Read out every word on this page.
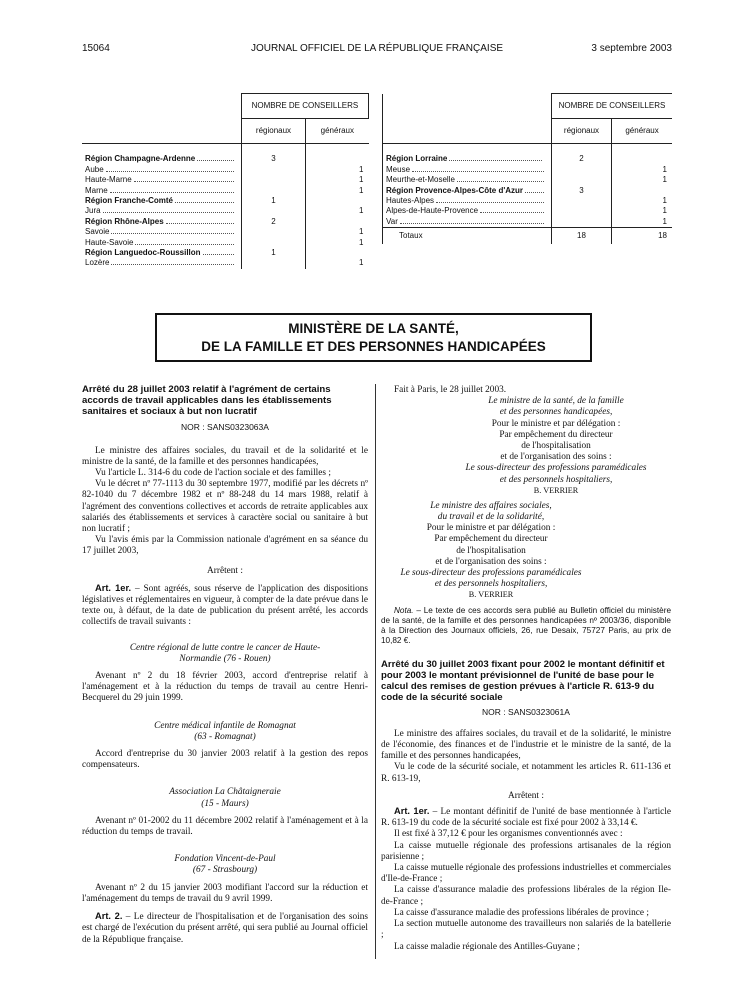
15064	JOURNAL OFFICIEL DE LA RÉPUBLIQUE FRANÇAISE	3 septembre 2003
	NOMBRE DE CONSEILLERS	
	régionaux	généraux

Région Champagne-Ardenne	3	
Aube		1
Haute-Marne		1
Marne		1
Région Franche-Comté	1	
Jura		1
Région Rhône-Alpes	2	
Savoie		1
Haute-Savoie		1
Région Languedoc-Roussillon	1	
Lozère		1
	NOMBRE DE CONSEILLERS	
	régionaux	généraux

Région Lorraine	2	
Meuse		1
Meurthe-et-Moselle		1
Région Provence-Alpes-Côte d'Azur	3	
Hautes-Alpes		1
Alpes-de-Haute-Provence		1
Var		1
Totaux	18	18
MINISTÈRE DE LA SANTÉ,
DE LA FAMILLE ET DES PERSONNES HANDICAPÉES

Arrêté du 28 juillet 2003 relatif à l'agrément de certains accords de travail applicables dans les établissements sanitaires et sociaux à but non lucratif

NOR : SANS0323063A

Le ministre des affaires sociales, du travail et de la solidarité et le ministre de la santé, de la famille et des personnes handicapées,

Vu l'article L. 314-6 du code de l'action sociale et des familles ;

Vu le décret nº 77-1113 du 30 septembre 1977, modifié par les décrets nº 82-1040 du 7 décembre 1982 et nº 88-248 du 14 mars 1988, relatif à l'agrément des conventions collectives et accords de retraite applicables aux salariés des établissements et services à caractère social ou sanitaire à but non lucratif ;

Vu l'avis émis par la Commission nationale d'agrément en sa séance du 17 juillet 2003,

Arrêtent :

Art. 1er. – Sont agréés, sous réserve de l'application des dispositions législatives et réglementaires en vigueur, à compter de la date prévue dans le texte ou, à défaut, de la date de publication du présent arrêté, les accords collectifs de travail suivants :

Centre régional de lutte contre le cancer de Haute-Normandie (76 - Rouen)

Avenant nº 2 du 18 février 2003, accord d'entreprise relatif à l'aménagement et à la réduction du temps de travail au centre Henri-Becquerel du 29 juin 1999.

Centre médical infantile de Romagnat

(63 - Romagnat)

Accord d'entreprise du 30 janvier 2003 relatif à la gestion des repos compensateurs.

Association La Châtaigneraie

(15 - Maurs)

Avenant nº 01-2002 du 11 décembre 2002 relatif à l'aménagement et à la réduction du temps de travail.

Fondation Vincent-de-Paul

(67 - Strasbourg)

Avenant nº 2 du 15 janvier 2003 modifiant l'accord sur la réduction et l'aménagement du temps de travail du 9 avril 1999.

Art. 2. – Le directeur de l'hospitalisation et de l'organisation des soins est chargé de l'exécution du présent arrêté, qui sera publié au Journal officiel de la République française.

Fait à Paris, le 28 juillet 2003.

Le ministre de la santé, de la famille

et des personnes handicapées,

Pour le ministre et par délégation :

Par empêchement du directeur

de l'hospitalisation

et de l'organisation des soins :

Le sous-directeur des professions paramédicales

et des personnels hospitaliers,

B. VERRIER

Le ministre des affaires sociales,

du travail et de la solidarité,

Pour le ministre et par délégation :

Par empêchement du directeur

de l'hospitalisation

et de l'organisation des soins :

Le sous-directeur des professions paramédicales

et des personnels hospitaliers,

B. VERRIER

Nota. – Le texte de ces accords sera publié au Bulletin officiel du ministère de la santé, de la famille et des personnes handicapées nº 2003/36, disponible à la Direction des Journaux officiels, 26, rue Desaix, 75727 Paris, au prix de 10,82 €.

Arrêté du 30 juillet 2003 fixant pour 2002 le montant définitif et pour 2003 le montant prévisionnel de l'unité de base pour le calcul des remises de gestion prévues à l'article R. 613-9 du code de la sécurité sociale

NOR : SANS0323061A

Le ministre des affaires sociales, du travail et de la solidarité, le ministre de l'économie, des finances et de l'industrie et le ministre de la santé, de la famille et des personnes handicapées,

Vu le code de la sécurité sociale, et notamment les articles R. 611-136 et R. 613-19,

Arrêtent :

Art. 1er. – Le montant définitif de l'unité de base mentionnée à l'article R. 613-19 du code de la sécurité sociale est fixé pour 2002 à 33,14 €.

Il est fixé à 37,12 € pour les organismes conventionnés avec :

La caisse mutuelle régionale des professions artisanales de la région parisienne ;

La caisse mutuelle régionale des professions industrielles et commerciales d'Ile-de-France ;

La caisse d'assurance maladie des professions libérales de la région Ile-de-France ;

La caisse d'assurance maladie des professions libérales de province ;

La section mutuelle autonome des travailleurs non salariés de la batellerie ;

La caisse maladie régionale des Antilles-Guyane ;
